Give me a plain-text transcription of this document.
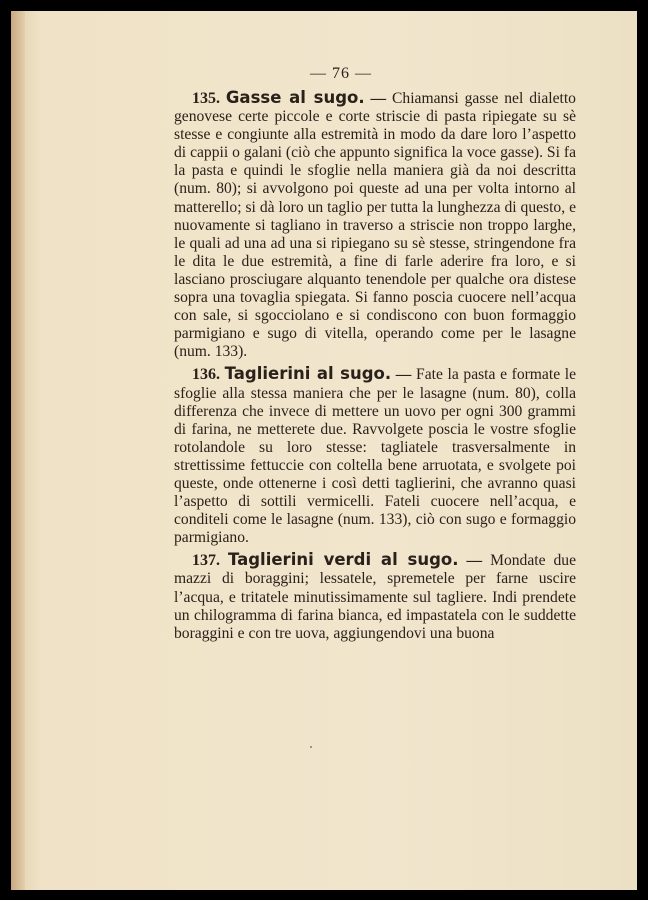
— 76 —

135. Gasse al sugo. — Chiamansi gasse nel dialetto genovese certe piccole e corte striscie di pasta ripiegate su sè stesse e congiunte alla estremità in modo da dare loro l’aspetto di cappii o galani (ciò che appunto significa la voce gasse). Si fa la pasta e quindi le sfoglie nella maniera già da noi descritta (num. 80); si avvolgono poi queste ad una per volta intorno al matterello; si dà loro un taglio per tutta la lunghezza di questo, e nuovamente si tagliano in traverso a striscie non troppo larghe, le quali ad una ad una si ripiegano su sè stesse, stringendone fra le dita le due estremità, a fine di farle aderire fra loro, e si lasciano prosciugare alquanto tenendole per qualche ora distese sopra una tovaglia spiegata. Si fanno poscia cuocere nell’acqua con sale, si sgocciolano e si condiscono con buon formaggio parmigiano e sugo di vitella, operando come per le lasagne (num. 133).

136. Taglierini al sugo. — Fate la pasta e formate le sfoglie alla stessa maniera che per le lasagne (num. 80), colla differenza che invece di mettere un uovo per ogni 300 grammi di farina, ne metterete due. Ravvolgete poscia le vostre sfoglie rotolandole su loro stesse: tagliatele trasversalmente in strettissime fettuccie con coltella bene arruotata, e svolgete poi queste, onde ottenerne i così detti taglierini, che avranno quasi l’aspetto di sottili vermicelli. Fateli cuocere nell’acqua, e conditeli come le lasagne (num. 133), ciò con sugo e formaggio parmigiano.

137. Taglierini verdi al sugo. — Mondate due mazzi di boraggini; lessatele, spremetele per farne uscire l’acqua, e tritatele minutissimamente sul tagliere. Indi prendete un chilogramma di farina bianca, ed impastatela con le suddette boraggini e con tre uova, aggiungendovi una buona
